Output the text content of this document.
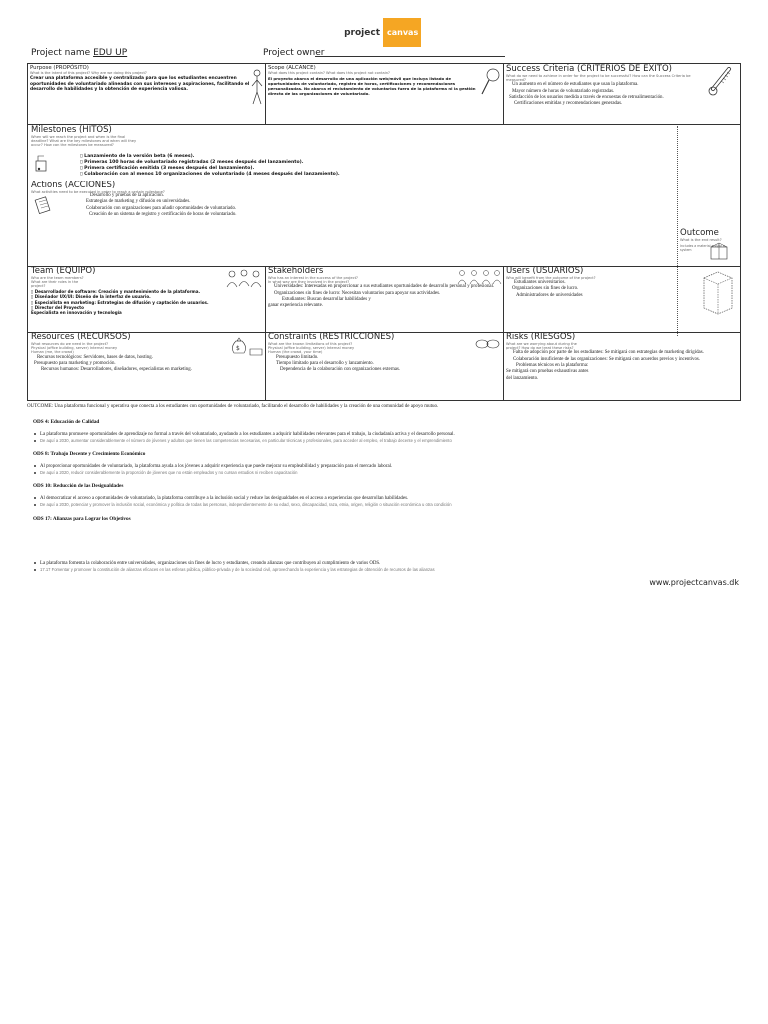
project canvas
Project name EDU UP	Project owner
Purpose (PROPÓSITO)
What is the intent of this project? Why are we doing this project?
Crear una plataforma accesible y centralizada para que los estudiantes encuentren oportunidades de voluntariado alineadas con sus intereses y aspiraciones, facilitando el desarrollo de habilidades y la obtención de experiencia valiosa.
Scope (ALCANCE)
What does this project contain? What does this project not contain?
El proyecto abarca el desarrollo de una aplicación web/móvil que incluya listado de oportunidades de voluntariado, registro de horas, certificaciones y recomendaciones personalizadas. No abarca el reclutamiento de voluntarios fuera de la plataforma ni la gestión directa de las organizaciones de voluntariado.
Success Criteria (CRITERIOS DE ÉXITO)
What do we need to achieve in order for the project to be successful? How can the Success Criteria be measured?
Un aumento en el número de estudiantes que usan la plataforma.
Mayor número de horas de voluntariado registradas.
Satisfacción de los usuarios medida a través de encuestas de retroalimentación.
Certificaciones emitidas y recomendaciones generadas.
Milestones (HITOS)
When will we reach the project and when is the final deadline? What are the key milestones and when will they occur? How can the milestones be measured?
▯ Lanzamiento de la versión beta (6 meses).
▯ Primeras 100 horas de voluntariado registradas (2 meses después del lanzamiento).
▯ Primera certificación emitida (3 meses después del lanzamiento).
▯ Colaboración con al menos 10 organizaciones de voluntariado (4 meses después del lanzamiento).
Actions (ACCIONES)
What activities need to be executed in order to reach a certain milestone?
Desarrollo y pruebas de la aplicación.
Estrategias de marketing y difusión en universidades.
Colaboración con organizaciones para añadir oportunidades de voluntariado.
Creación de un sistema de registro y certificación de horas de voluntariado.
Outcome
What is the end result?
Includes a material and/or a system
Team (EQUIPO)
Who are the team members? What are their roles in the project?
▯ Desarrollador de software: Creación y mantenimiento de la plataforma.
▯ Diseñador UX/UI: Diseño de la interfaz de usuario.
▯ Especialista en marketing: Estrategias de difusión y captación de usuarios.
▯ Director del Proyecto
Especialista en innovación y tecnología
Stakeholders
Who has an interest in the success of the project? In what way are they involved in the project?
Universidades: Interesadas en proporcionar a sus estudiantes oportunidades de desarrollo personal y profesional.
Organizaciones sin fines de lucro: Necesitan voluntarios para apoyar sus actividades.
Estudiantes: Buscan desarrollar habilidades y ganar experiencia relevante.
Users (USUARIOS)
Who will benefit from the outcome of the project?
Estudiantes universitarios.
Organizaciones sin fines de lucro.
Administradores de universidades
Resources (RECURSOS)
What resources do we need in the project? Physical (office building, server) Internal money Human (me, the crowd)
Recursos tecnológicos: Servidores, bases de datos, hosting.
Presupuesto para marketing y promoción.
Recursos humanos: Desarrolladores, diseñadores, especialistas en marketing.
$
Constraints (RESTRICCIONES)
What are the known limitations of this project? Physical (office building, server) Internal money Human (the crowd, your time)
Presupuesto limitado.
Tiempo limitado para el desarrollo y lanzamiento.
Dependencia de la colaboración con organizaciones externas.
Risks (RIESGOS)
What are we worrying about during the project? How do we treat these risks?
Falta de adopción por parte de los estudiantes: Se mitigará con estrategias de marketing dirigidas.
Colaboración insuficiente de las organizaciones: Se mitigará con acuerdos previos y incentivos.
Problemas técnicos en la plataforma: Se mitigará con pruebas exhaustivas antes del lanzamiento.
OUTCOME: Una plataforma funcional y operativa que conecta a los estudiantes con oportunidades de voluntariado, facilitando el desarrollo de habilidades y la creación de una comunidad de apoyo mutuo.
ODS 4: Educación de Calidad
La plataforma promueve oportunidades de aprendizaje no formal a través del voluntariado, ayudando a los estudiantes a adquirir habilidades relevantes para el trabajo, la ciudadanía activa y el desarrollo personal.
De aquí a 2030, aumentar considerablemente el número de jóvenes y adultos que tienen las competencias necesarias, en particular técnicas y profesionales, para acceder al empleo, el trabajo decente y el emprendimiento
ODS 8: Trabajo Decente y Crecimiento Económico
Al proporcionar oportunidades de voluntariado, la plataforma ayuda a los jóvenes a adquirir experiencia que puede mejorar su empleabilidad y preparación para el mercado laboral.
De aquí a 2020, reducir considerablemente la proporción de jóvenes que no están empleados y no cursan estudios ni reciben capacitación
ODS 10: Reducción de las Desigualdades
Al democratizar el acceso a oportunidades de voluntariado, la plataforma contribuye a la inclusión social y reduce las desigualdades en el acceso a experiencias que desarrollan habilidades.
De aquí a 2030, potenciar y promover la inclusión social, económica y política de todas las personas, independientemente de su edad, sexo, discapacidad, raza, etnia, origen, religión o situación económica u otra condición
ODS 17: Alianzas para Lograr los Objetivos
La plataforma fomenta la colaboración entre universidades, organizaciones sin fines de lucro y estudiantes, creando alianzas que contribuyen al cumplimiento de varios ODS.
17.17 Fomentar y promover la constitución de alianzas eficaces en las esferas pública, público-privada y de la sociedad civil, aprovechando la experiencia y las estrategias de obtención de recursos de las alianzas
www.projectcanvas.dk
